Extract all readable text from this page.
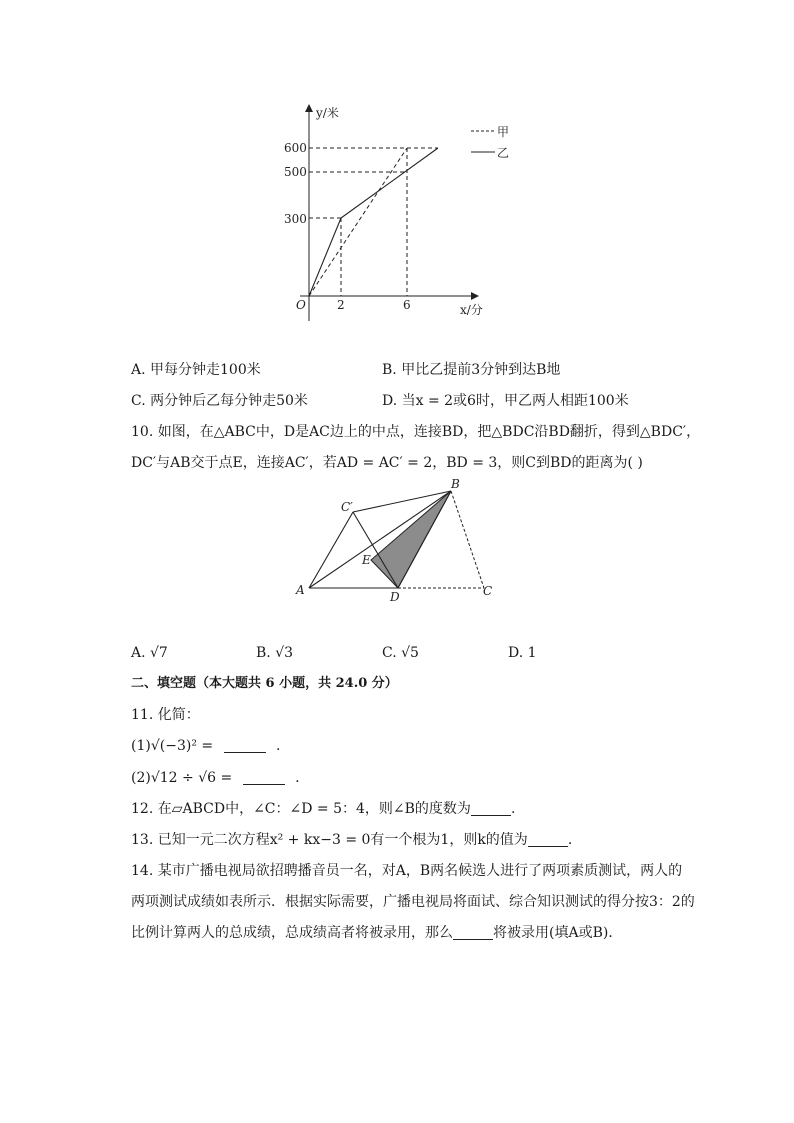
y/米
x/分
O
600
500
300
2	6
甲
乙
A. 甲每分钟走100米	B. 甲比乙提前3分钟到达B地
C. 两分钟后乙每分钟走50米	D. 当x = 2或6时，甲乙两人相距100米
10. 如图，在△ABC中，D是AC边上的中点，连接BD，把△BDC沿BD翻折，得到△BDC′，
DC′与AB交于点E，连接AC′，若AD = AC′ = 2，BD = 3，则C到BD的距离为( )
A
B
C
C′
D
E
A. √7	B. √3	C. √5	D. 1
二、填空题（本大题共 6 小题，共 24.0 分）
11. 化简：
(1)√(−3)² =	.
(2)√12 ÷ √6 =	.
12. 在▱ABCD中，∠C：∠D = 5：4，则∠B的度数为	.
13. 已知一元二次方程x² + kx−3 = 0有一个根为1，则k的值为	.
14. 某市广播电视局欲招聘播音员一名，对A，B两名候选人进行了两项素质测试，两人的
两项测试成绩如表所示．根据实际需要，广播电视局将面试、综合知识测试的得分按3：2的
比例计算两人的总成绩，总成绩高者将被录用，那么	将被录用(填A或B)．
